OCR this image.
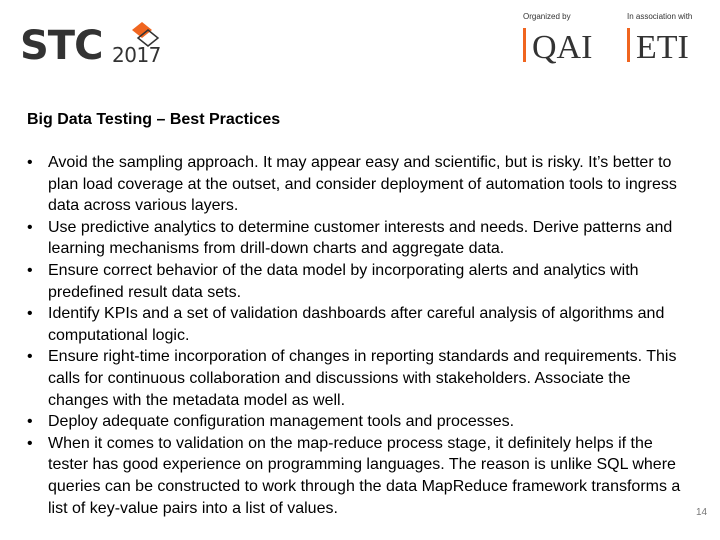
STC 2017
Organized by
QAI
In association with
ETI
Big Data Testing – Best Practices
• Avoid the sampling approach. It may appear easy and scientific, but is risky. It’s better to plan load coverage at the outset, and consider deployment of automation tools to ingress data across various layers.
• Use predictive analytics to determine customer interests and needs. Derive patterns and learning mechanisms from drill-down charts and aggregate data.
• Ensure correct behavior of the data model by incorporating alerts and analytics with predefined result data sets.
• Identify KPIs and a set of validation dashboards after careful analysis of algorithms and computational logic.
• Ensure right-time incorporation of changes in reporting standards and requirements. This calls for continuous collaboration and discussions with stakeholders. Associate the changes with the metadata model as well.
• Deploy adequate configuration management tools and processes.
• When it comes to validation on the map-reduce process stage, it definitely helps if the tester has good experience on programming languages. The reason is unlike SQL where queries can be constructed to work through the data MapReduce framework transforms a list of key-value pairs into a list of values.	14
